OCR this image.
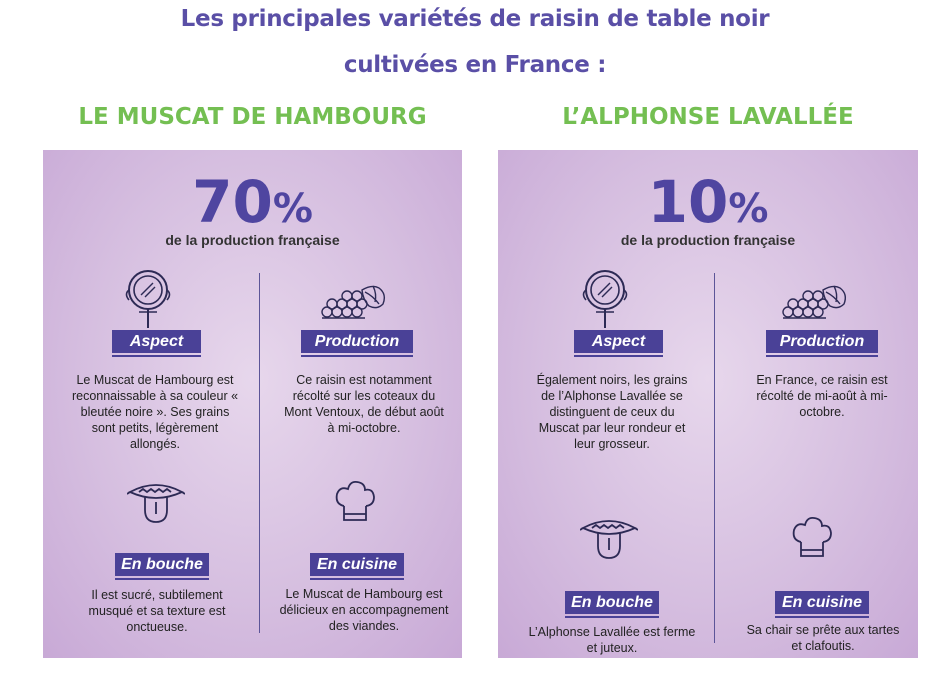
Les principales variétés de raisin de table noir
cultivées en France :
LE MUSCAT DE HAMBOURG	L’ALPHONSE LAVALLÉE
70%
de la production française
Aspect
Le Muscat de Hambourg est reconnaissable à sa couleur « bleutée noire ». Ses grains sont petits, légèrement allongés.
Production
Ce raisin est notamment récolté sur les coteaux du Mont Ventoux, de début août à mi-octobre.
En bouche
Il est sucré, subtilement musqué et sa texture est onctueuse.
En cuisine
Le Muscat de Hambourg est délicieux en accompagnement des viandes.
10%
de la production française
Aspect
Également noirs, les grains de l’Alphonse Lavallée se distinguent de ceux du Muscat par leur rondeur et leur grosseur.
Production
En France, ce raisin est récolté de mi-août à mi-octobre.
En bouche
L’Alphonse Lavallée est ferme et juteux.
En cuisine
Sa chair se prête aux tartes et clafoutis.
